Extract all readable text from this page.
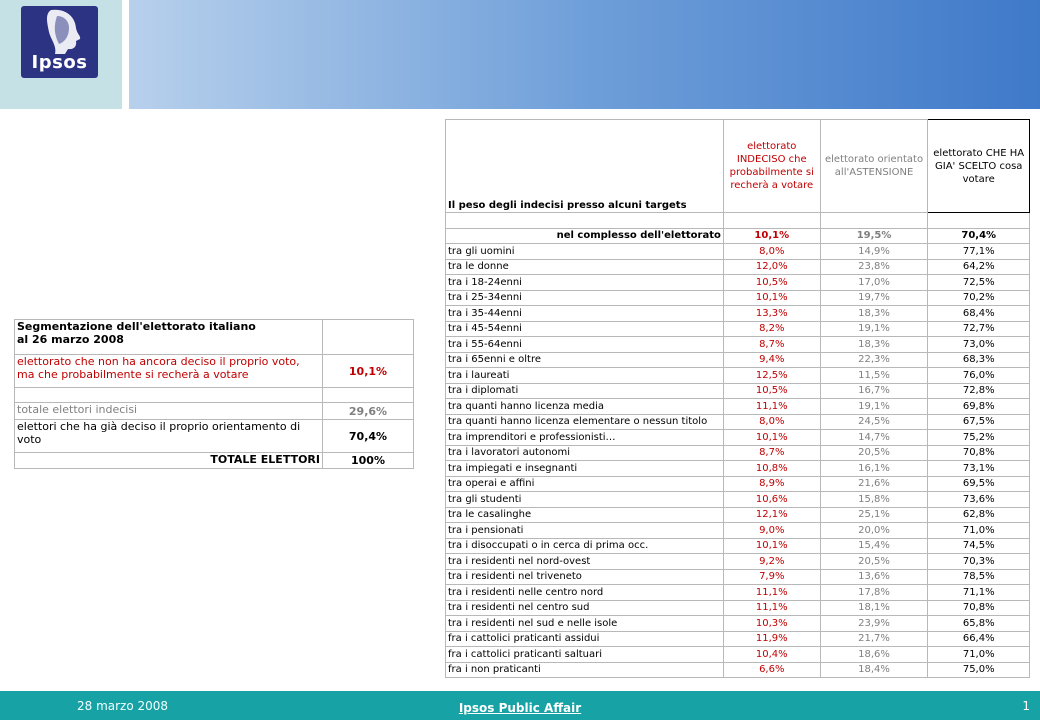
Ipsos
Segmentazione dell'elettorato italiano
al 26 marzo 2008	

elettorato che non ha ancora deciso il proprio voto, ma che probabilmente si recherà a votare	10,1%

totale elettori indecisi	29,6%
elettori che ha già deciso il proprio orientamento di voto	70,4%
TOTALE ELETTORI	100%
Il peso degli indecisi presso alcuni targets	elettorato INDECISO che probabilmente si recherà a votare	elettorato orientato all'ASTENSIONE	elettorato CHE HA GIA' SCELTO cosa votare

nel complesso dell'elettorato	10,1%	19,5%	70,4%
tra gli uomini	8,0%	14,9%	77,1%
tra le donne	12,0%	23,8%	64,2%
tra i 18-24enni	10,5%	17,0%	72,5%
tra i 25-34enni	10,1%	19,7%	70,2%
tra i 35-44enni	13,3%	18,3%	68,4%
tra i 45-54enni	8,2%	19,1%	72,7%
tra i 55-64enni	8,7%	18,3%	73,0%
tra i 65enni e oltre	9,4%	22,3%	68,3%
tra i laureati	12,5%	11,5%	76,0%
tra i diplomati	10,5%	16,7%	72,8%
tra quanti hanno licenza media	11,1%	19,1%	69,8%
tra quanti hanno licenza elementare o nessun titolo	8,0%	24,5%	67,5%
tra imprenditori e professionisti…	10,1%	14,7%	75,2%
tra i lavoratori autonomi	8,7%	20,5%	70,8%
tra impiegati e insegnanti	10,8%	16,1%	73,1%
tra operai e affini	8,9%	21,6%	69,5%
tra gli studenti	10,6%	15,8%	73,6%
tra le casalinghe	12,1%	25,1%	62,8%
tra i pensionati	9,0%	20,0%	71,0%
tra i disoccupati o in cerca di prima occ.	10,1%	15,4%	74,5%
tra i residenti nel nord-ovest	9,2%	20,5%	70,3%
tra i residenti nel triveneto	7,9%	13,6%	78,5%
tra i residenti nelle centro nord	11,1%	17,8%	71,1%
tra i residenti nel centro sud	11,1%	18,1%	70,8%
tra i residenti nel sud e nelle isole	10,3%	23,9%	65,8%
fra i cattolici praticanti assidui	11,9%	21,7%	66,4%
fra i cattolici praticanti saltuari	10,4%	18,6%	71,0%
fra i non praticanti	6,6%	18,4%	75,0%
28 marzo 2008	Ipsos Public Affair	1
